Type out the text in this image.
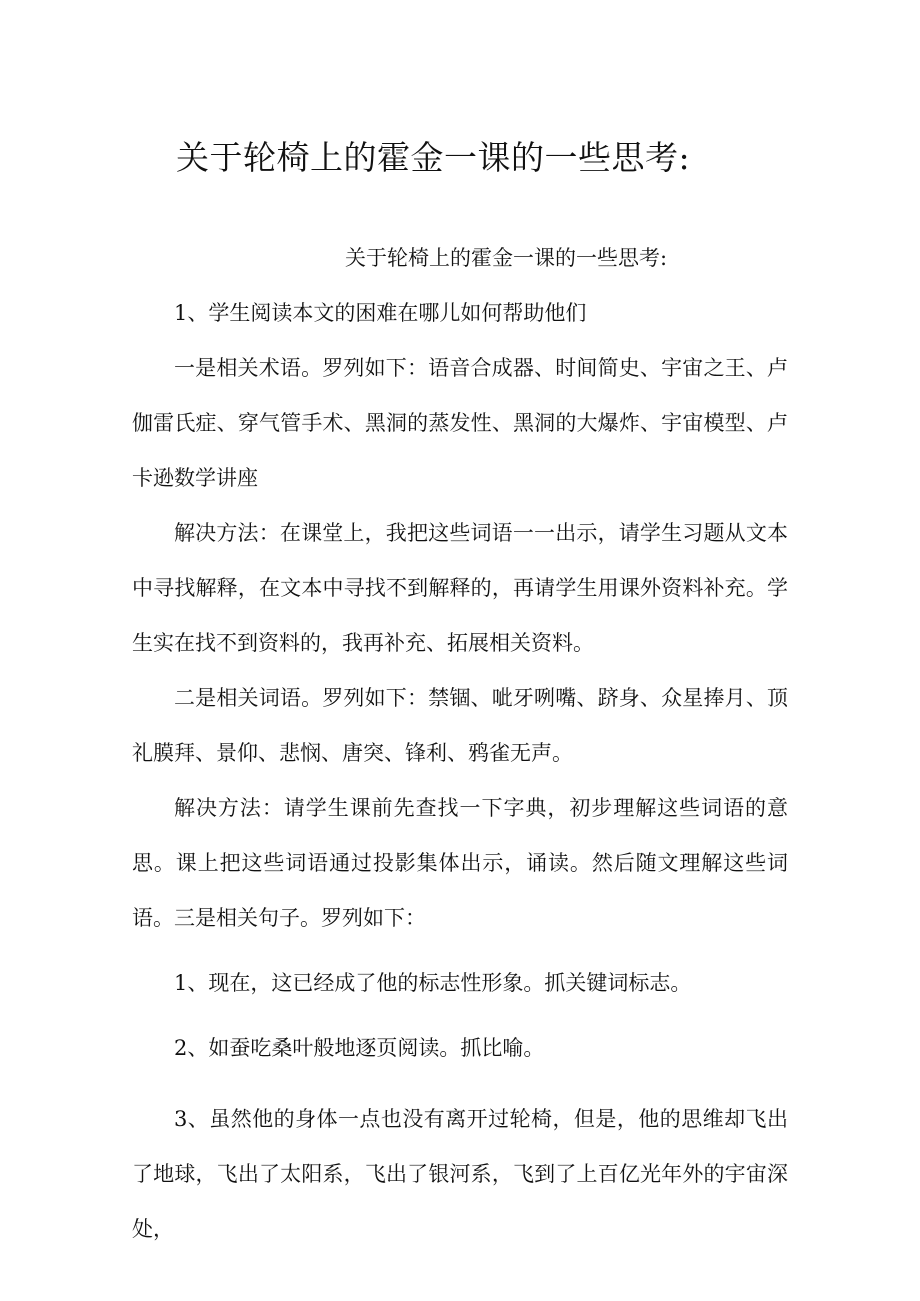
关于轮椅上的霍金一课的一些思考:
关于轮椅上的霍金一课的一些思考:

1、学生阅读本文的困难在哪儿如何帮助他们

一是相关术语。罗列如下：语音合成器、时间简史、宇宙之王、卢伽雷氏症、穿气管手术、黑洞的蒸发性、黑洞的大爆炸、宇宙模型、卢卡逊数学讲座

解决方法：在课堂上，我把这些词语一一出示，请学生习题从文本中寻找解释，在文本中寻找不到解释的，再请学生用课外资料补充。学生实在找不到资料的，我再补充、拓展相关资料。

二是相关词语。罗列如下：禁锢、呲牙咧嘴、跻身、众星捧月、顶礼膜拜、景仰、悲悯、唐突、锋利、鸦雀无声。

解决方法：请学生课前先查找一下字典，初步理解这些词语的意思。课上把这些词语通过投影集体出示，诵读。然后随文理解这些词语。 三是相关句子。罗列如下：

1、现在，这已经成了他的标志性形象。抓关键词标志。

2、如蚕吃桑叶般地逐页阅读。抓比喻。

3、虽然他的身体一点也没有离开过轮椅，但是，他的思维却飞出了地球，飞出了太阳系，飞出了银河系，飞到了上百亿光年外的宇宙深处，
